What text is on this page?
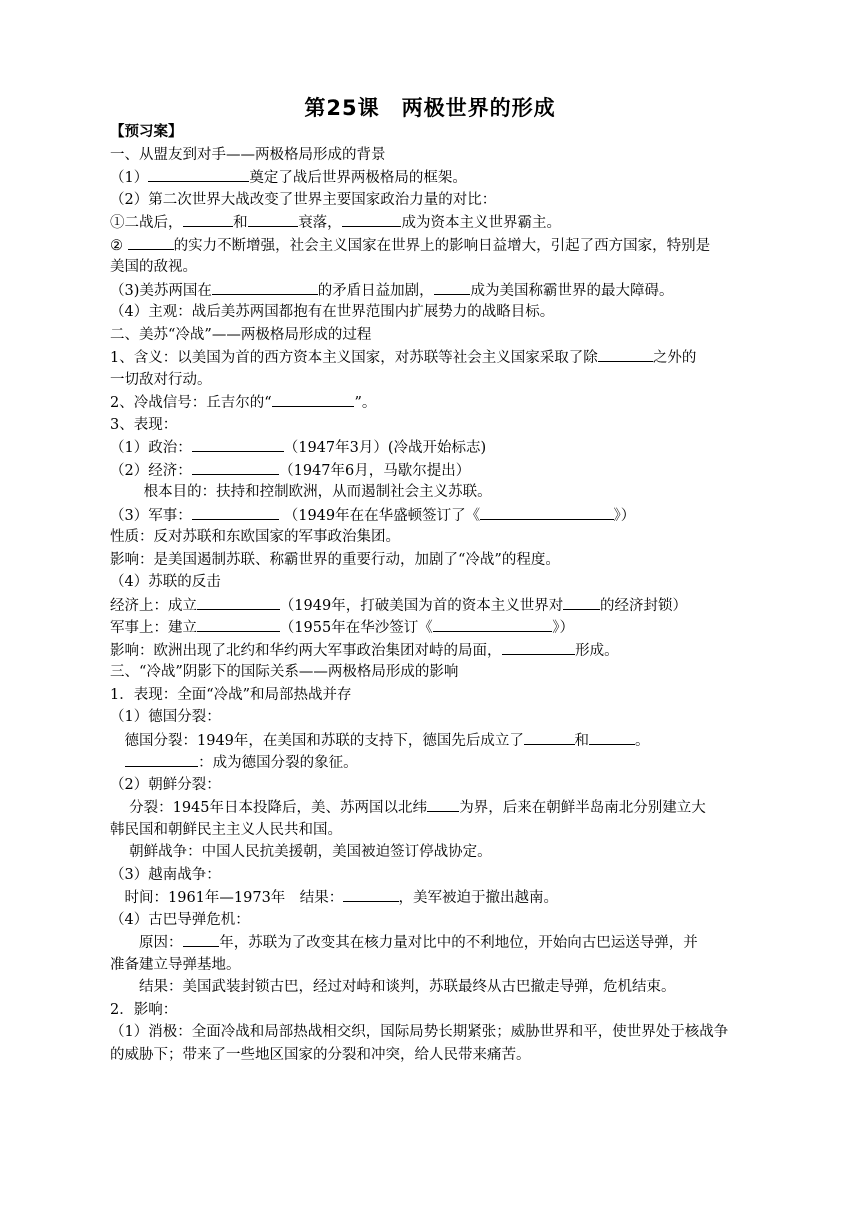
第25课　两极世界的形成
【预习案】
一、从盟友到对手——两极格局形成的背景
（1）	奠定了战后世界两极格局的框架。
（2）第二次世界大战改变了世界主要国家政治力量的对比：
①二战后，	和	衰落，	成为资本主义世界霸主。
②	的实力不断增强，社会主义国家在世界上的影响日益增大，引起了西方国家，特别是
美国的敌视。
（3)美苏两国在	的矛盾日益加剧，	成为美国称霸世界的最大障碍。
（4）主观：战后美苏两国都抱有在世界范围内扩展势力的战略目标。
二、美苏“冷战”——两极格局形成的过程
1、含义：以美国为首的西方资本主义国家，对苏联等社会主义国家采取了除	之外的
一切敌对行动。
2、冷战信号：丘吉尔的“	”。
3、表现：
（1）政治：	（1947年3月）(冷战开始标志)
（2）经济：	（1947年6月，马歇尔提出）
　　 根本目的：扶持和控制欧洲，从而遏制社会主义苏联。
（3）军事：	（1949年在在华盛顿签订了《	》）
性质：反对苏联和东欧国家的军事政治集团。
影响：是美国遏制苏联、称霸世界的重要行动，加剧了“冷战”的程度。
（4）苏联的反击
经济上：成立	（1949年，打破美国为首的资本主义世界对	的经济封锁）
军事上：建立	（1955年在华沙签订《	》）
影响：欧洲出现了北约和华约两大军事政治集团对峙的局面，	形成。
三、“冷战”阴影下的国际关系——两极格局形成的影响
1．表现：全面“冷战”和局部热战并存
（1）德国分裂：
　德国分裂：1949年，在美国和苏联的支持下，德国先后成立了	和	。
　：成为德国分裂的象征。
（2）朝鲜分裂：
　 分裂：1945年日本投降后，美、苏两国以北纬 为界，后来在朝鲜半岛南北分别建立大
韩民国和朝鲜民主主义人民共和国。
　 朝鲜战争：中国人民抗美援朝，美国被迫签订停战协定。
（3）越南战争：
　时间：1961年—1973年　结果：	，美军被迫于撤出越南。
（4）古巴导弹危机：
　　原因：	年，苏联为了改变其在核力量对比中的不利地位，开始向古巴运送导弹，并
准备建立导弹基地。
　　结果：美国武装封锁古巴，经过对峙和谈判，苏联最终从古巴撤走导弹，危机结束。
2．影响：
（1）消极：全面冷战和局部热战相交织，国际局势长期紧张；威胁世界和平，使世界处于核战争
的威胁下；带来了一些地区国家的分裂和冲突，给人民带来痛苦。
